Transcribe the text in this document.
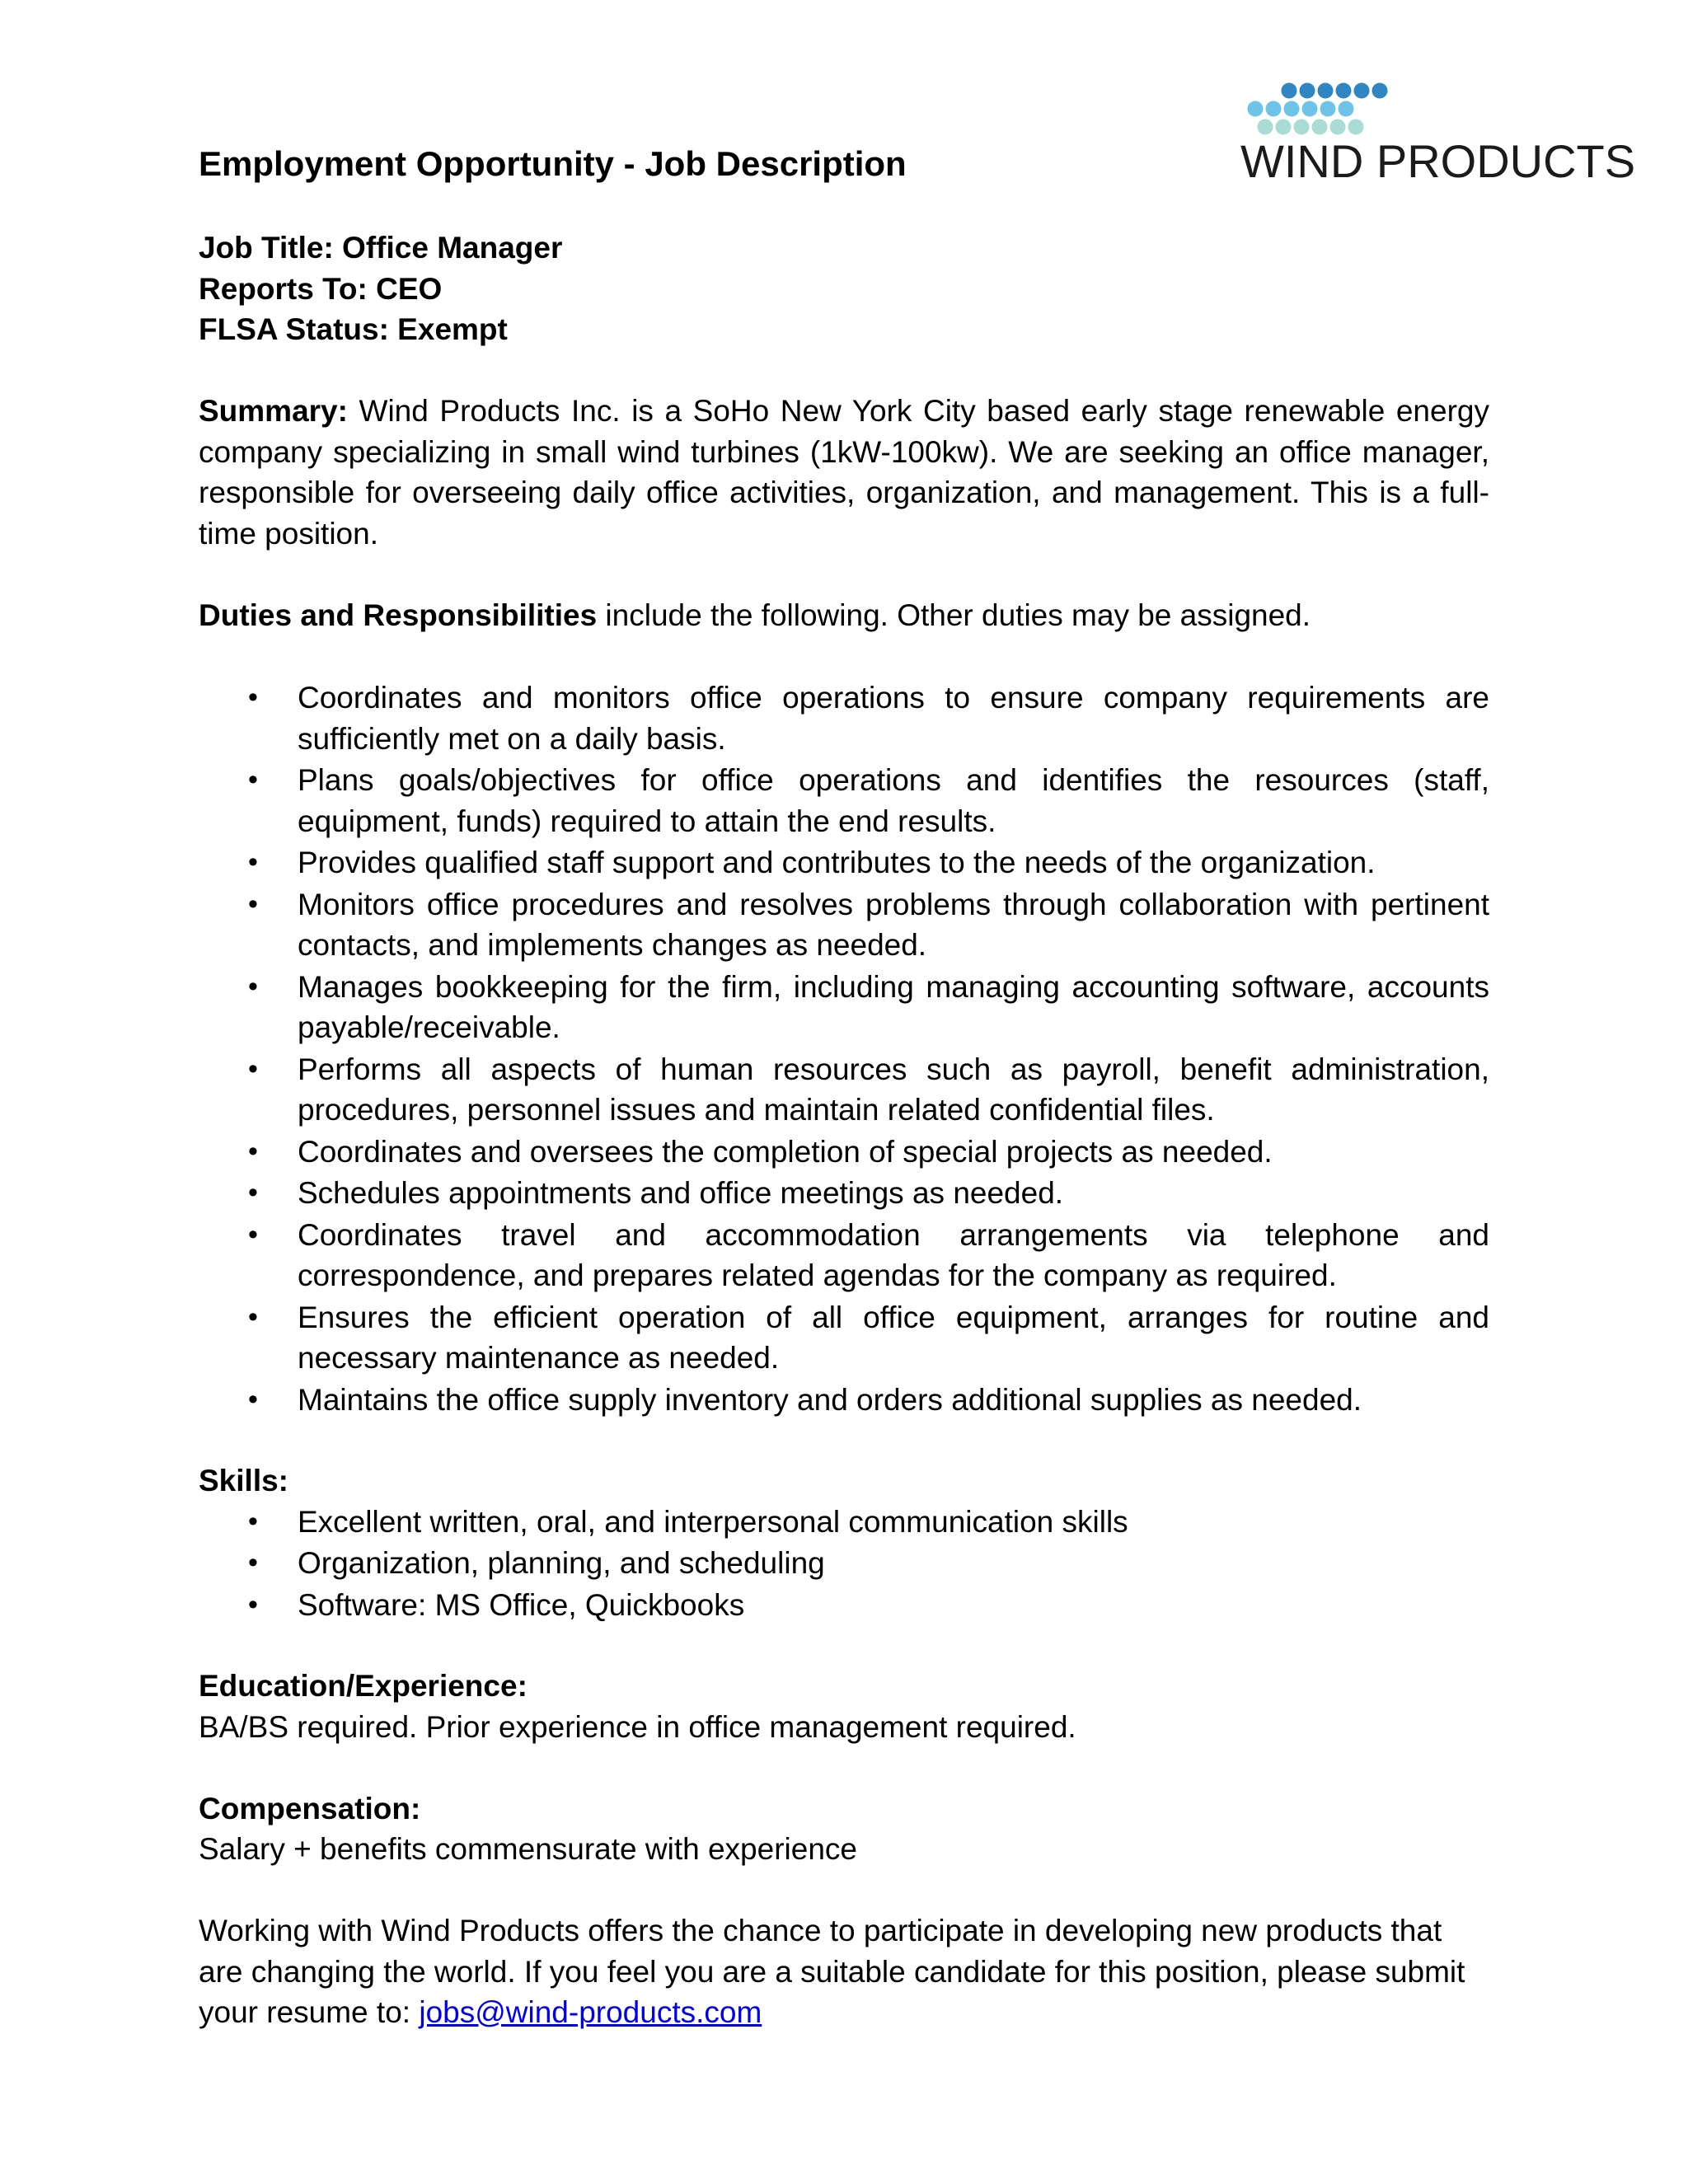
Employment Opportunity - Job Description	WIND PRODUCTS

Job Title: Office Manager

Reports To: CEO

FLSA Status: Exempt

Summary: Wind Products Inc. is a SoHo New York City based early stage renewable energy company specializing in small wind turbines (1kW-100kw). We are seeking an office manager, responsible for overseeing daily office activities, organization, and management. This is a full-time position.

Duties and Responsibilities include the following. Other duties may be assigned.

• Coordinates and monitors office operations to ensure company requirements are sufficiently met on a daily basis.
• Plans goals/objectives for office operations and identifies the resources (staff, equipment, funds) required to attain the end results.
• Provides qualified staff support and contributes to the needs of the organization.
• Monitors office procedures and resolves problems through collaboration with pertinent contacts, and implements changes as needed.
• Manages bookkeeping for the firm, including managing accounting software, accounts payable/receivable.
• Performs all aspects of human resources such as payroll, benefit administration, procedures, personnel issues and maintain related confidential files.
• Coordinates and oversees the completion of special projects as needed.
• Schedules appointments and office meetings as needed.
• Coordinates travel and accommodation arrangements via telephone and correspondence, and prepares related agendas for the company as required.
• Ensures the efficient operation of all office equipment, arranges for routine and necessary maintenance as needed.
• Maintains the office supply inventory and orders additional supplies as needed.

Skills:

• Excellent written, oral, and interpersonal communication skills
• Organization, planning, and scheduling
• Software: MS Office, Quickbooks

Education/Experience:

BA/BS required. Prior experience in office management required.

Compensation:

Salary + benefits commensurate with experience

Working with Wind Products offers the chance to participate in developing new products that are changing the world. If you feel you are a suitable candidate for this position, please submit your resume to: jobs@wind-products.com
